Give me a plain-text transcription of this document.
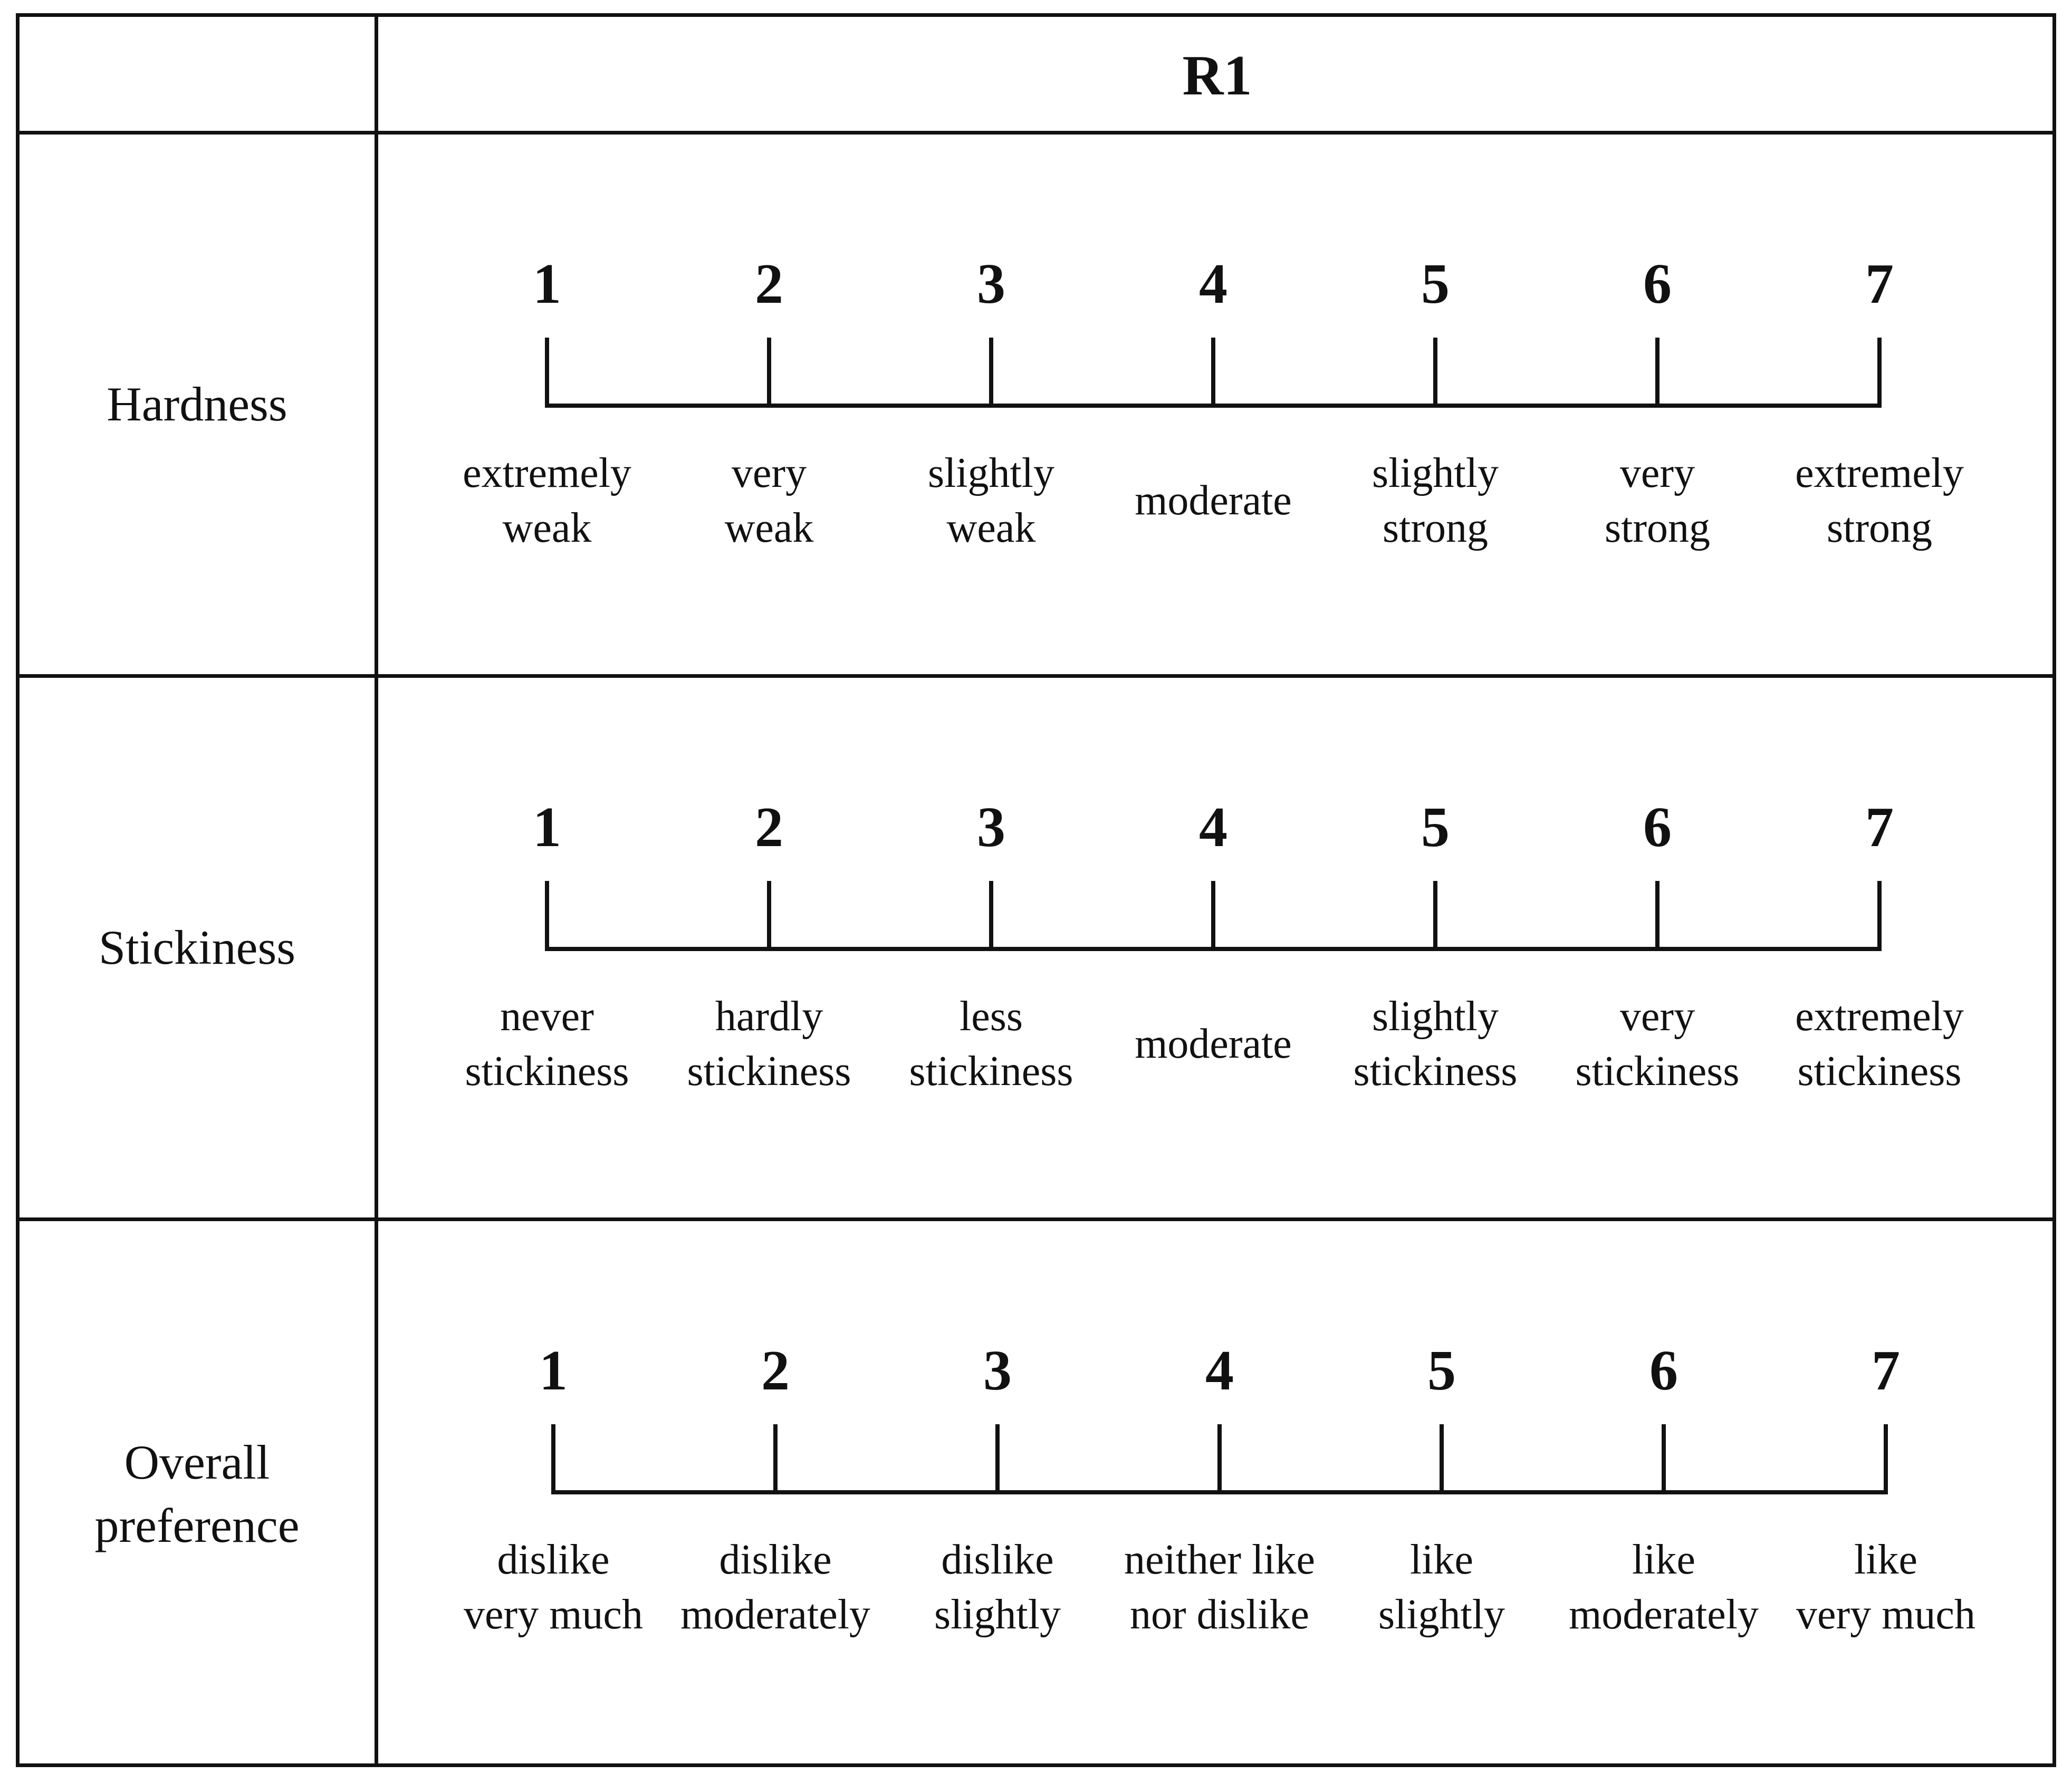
R1
Hardness
1
extremely
weak
2
very
weak
3
slightly
weak
4
moderate
5
slightly
strong
6
very
strong
7
extremely
strong
Stickiness
1
never
stickiness
2
hardly
stickiness
3
less
stickiness
4
moderate
5
slightly
stickiness
6
very
stickiness
7
extremely
stickiness
Overall preference
1
dislike
very much
2
dislike
moderately
3
dislike
slightly
4
neither like
nor dislike
5
like
slightly
6
like
moderately
7
like
very much
